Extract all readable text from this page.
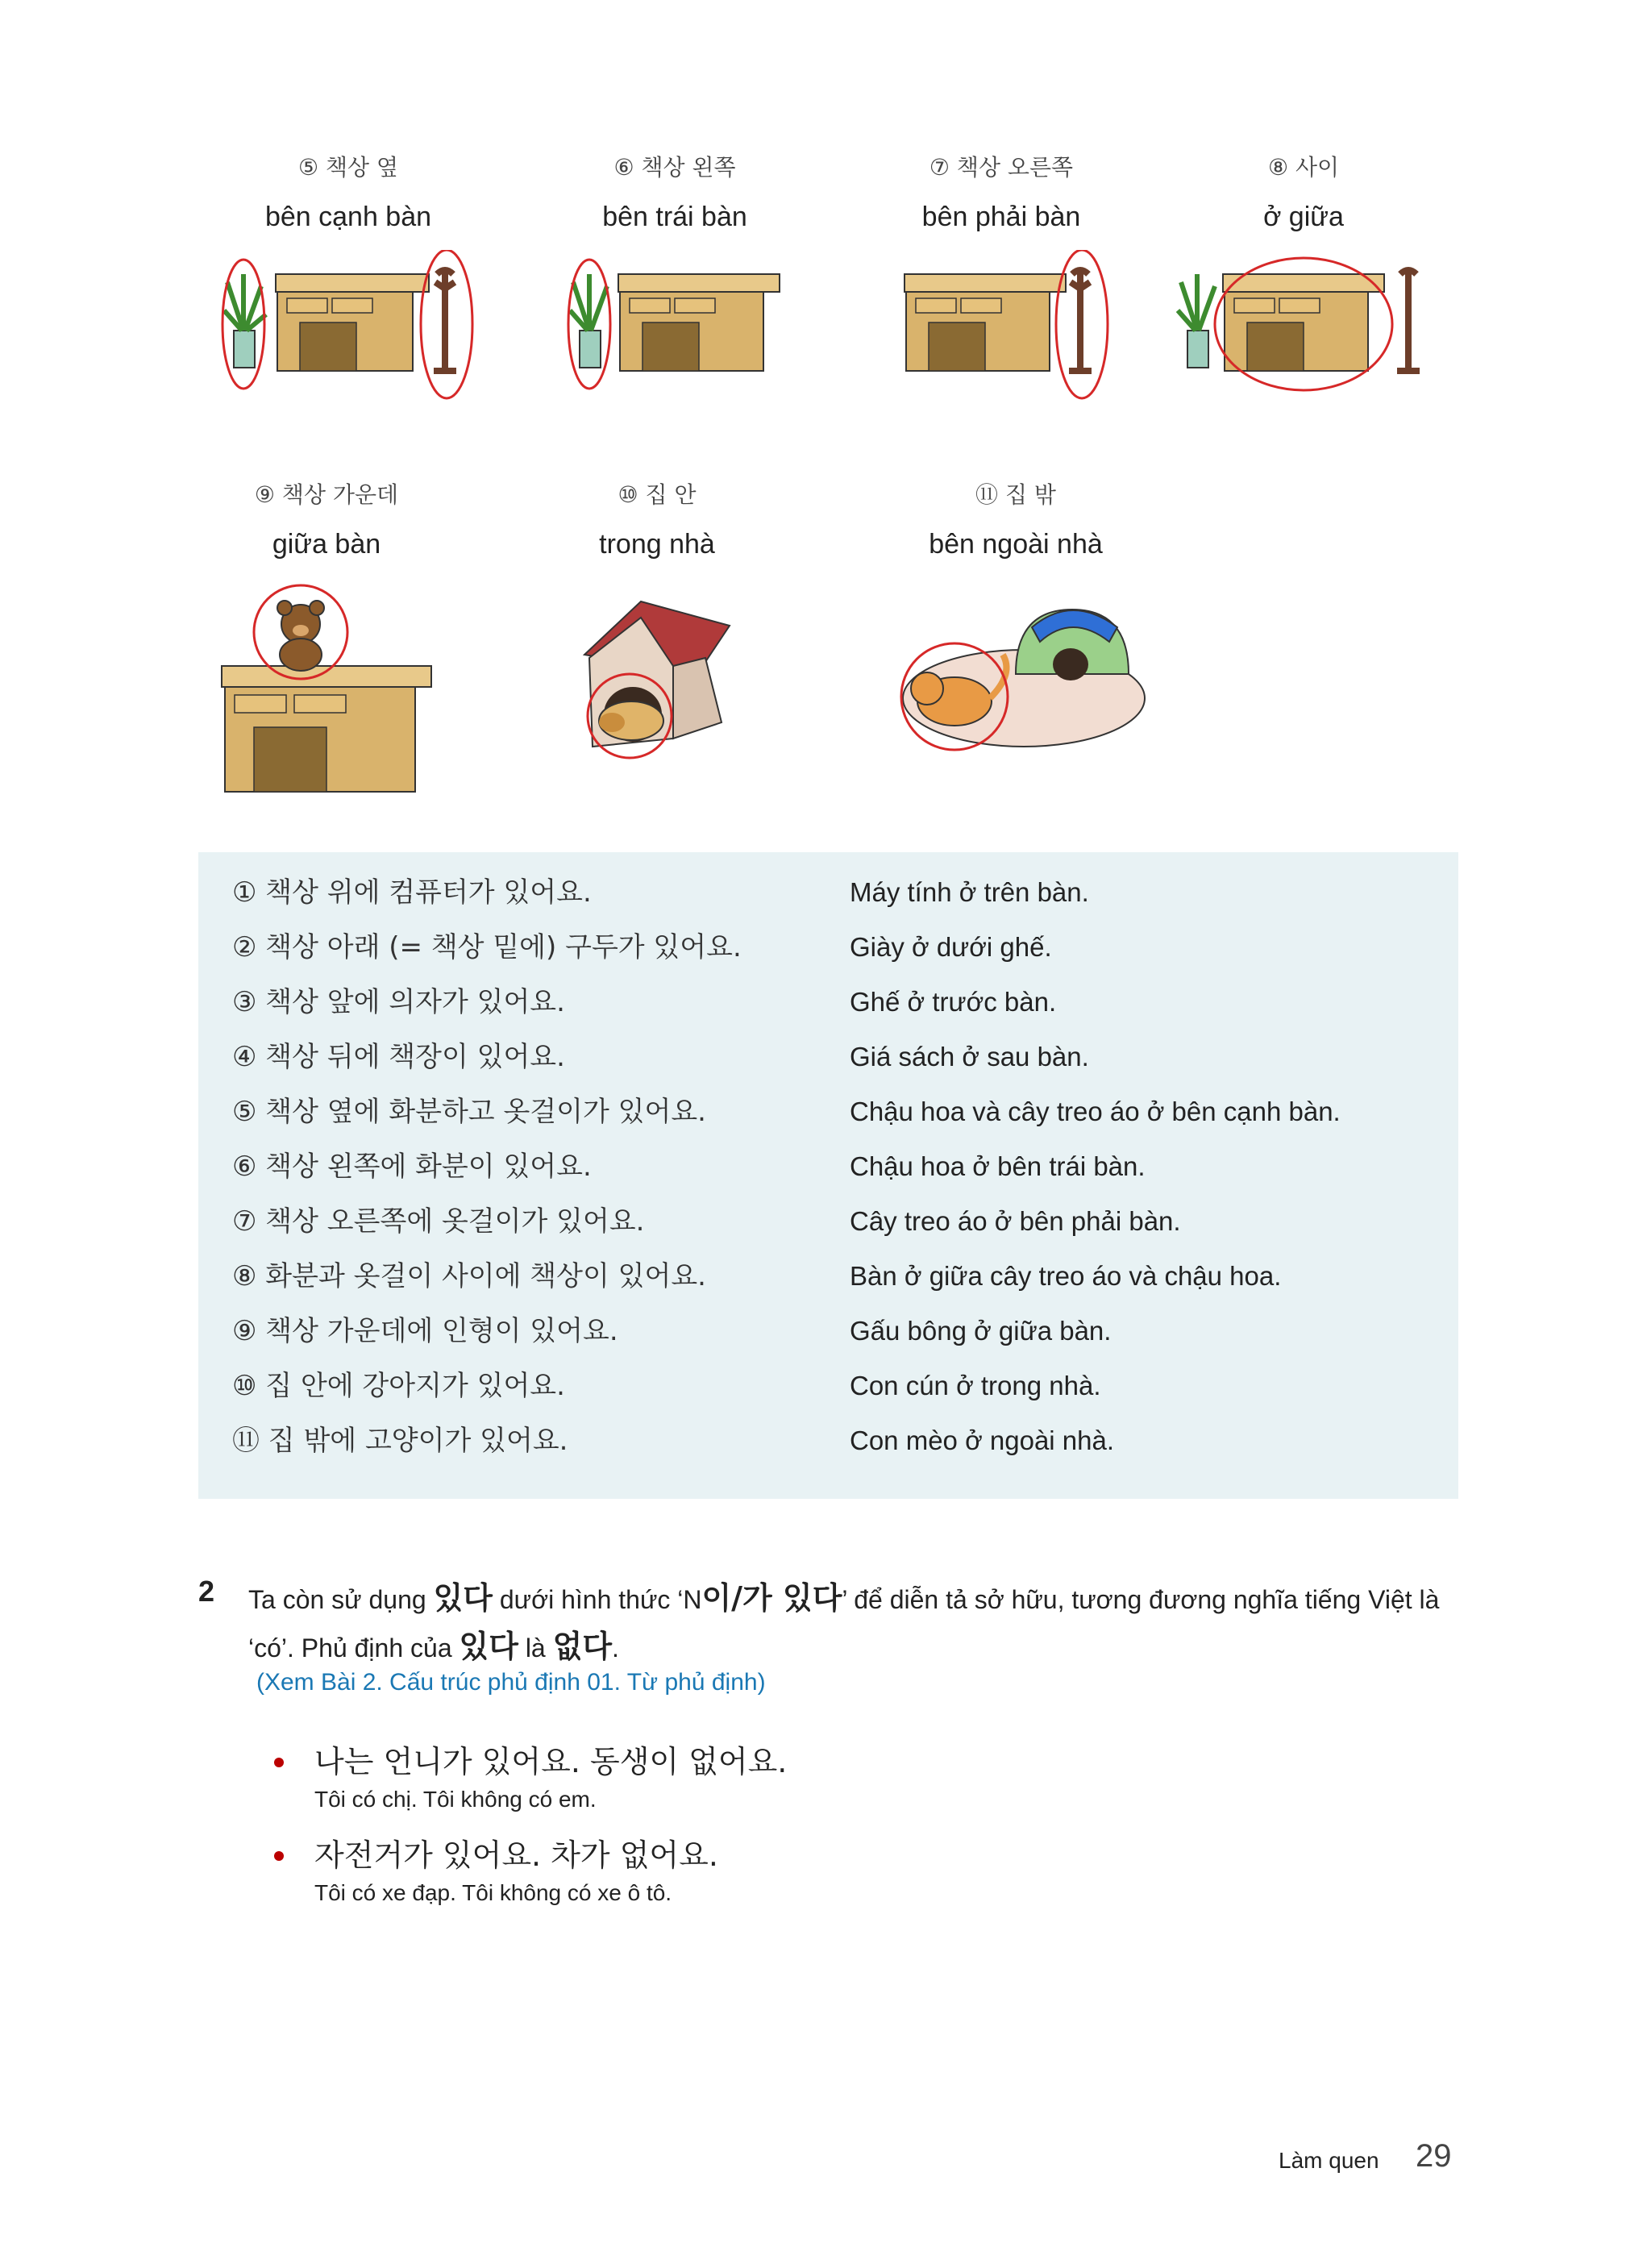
⑤ 책상 옆
bên cạnh bàn
⑥ 책상 왼쪽
bên trái bàn
⑦ 책상 오른쪽
bên phải bàn
⑧ 사이
ở giữa
⑨ 책상 가운데
giữa bàn
⑩ 집 안
trong nhà
⑪ 집 밖
bên ngoài nhà
① 책상 위에 컴퓨터가 있어요.	Máy tính ở trên bàn.
② 책상 아래 (= 책상 밑에) 구두가 있어요.	Giày ở dưới ghế.
③ 책상 앞에 의자가 있어요.	Ghế ở trước bàn.
④ 책상 뒤에 책장이 있어요.	Giá sách ở sau bàn.
⑤ 책상 옆에 화분하고 옷걸이가 있어요.	Chậu hoa và cây treo áo ở bên cạnh bàn.
⑥ 책상 왼쪽에 화분이 있어요.	Chậu hoa ở bên trái bàn.
⑦ 책상 오른쪽에 옷걸이가 있어요.	Cây treo áo ở bên phải bàn.
⑧ 화분과 옷걸이 사이에 책상이 있어요.	Bàn ở giữa cây treo áo và chậu hoa.
⑨ 책상 가운데에 인형이 있어요.	Gấu bông ở giữa bàn.
⑩ 집 안에 강아지가 있어요.	Con cún ở trong nhà.
⑪ 집 밖에 고양이가 있어요.	Con mèo ở ngoài nhà.
2 Ta còn sử dụng 있다 dưới hình thức ‘N이/가 있다’ để diễn tả sở hữu, tương đương nghĩa tiếng Việt là ‘có’. Phủ định của 있다 là 없다.
(Xem Bài 2. Cấu trúc phủ định 01. Từ phủ định)
나는 언니가 있어요. 동생이 없어요.
Tôi có chị. Tôi không có em.
자전거가 있어요. 차가 없어요.
Tôi có xe đạp. Tôi không có xe ô tô.
Làm quen 29
